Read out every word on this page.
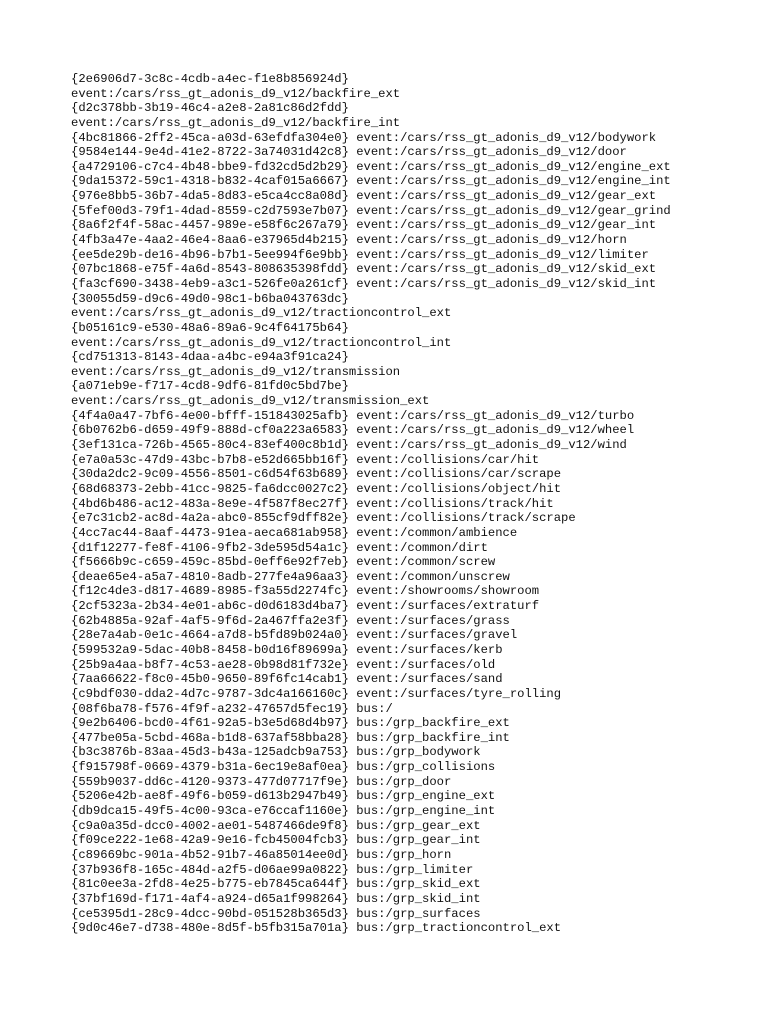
{2e6906d7-3c8c-4cdb-a4ec-f1e8b856924d}
event:/cars/rss_gt_adonis_d9_v12/backfire_ext
{d2c378bb-3b19-46c4-a2e8-2a81c86d2fdd}
event:/cars/rss_gt_adonis_d9_v12/backfire_int
{4bc81866-2ff2-45ca-a03d-63efdfa304e0} event:/cars/rss_gt_adonis_d9_v12/bodywork
{9584e144-9e4d-41e2-8722-3a74031d42c8} event:/cars/rss_gt_adonis_d9_v12/door
{a4729106-c7c4-4b48-bbe9-fd32cd5d2b29} event:/cars/rss_gt_adonis_d9_v12/engine_ext
{9da15372-59c1-4318-b832-4caf015a6667} event:/cars/rss_gt_adonis_d9_v12/engine_int
{976e8bb5-36b7-4da5-8d83-e5ca4cc8a08d} event:/cars/rss_gt_adonis_d9_v12/gear_ext
{5fef00d3-79f1-4dad-8559-c2d7593e7b07} event:/cars/rss_gt_adonis_d9_v12/gear_grind
{8a6f2f4f-58ac-4457-989e-e58f6c267a79} event:/cars/rss_gt_adonis_d9_v12/gear_int
{4fb3a47e-4aa2-46e4-8aa6-e37965d4b215} event:/cars/rss_gt_adonis_d9_v12/horn
{ee5de29b-de16-4b96-b7b1-5ee994f6e9bb} event:/cars/rss_gt_adonis_d9_v12/limiter
{07bc1868-e75f-4a6d-8543-808635398fdd} event:/cars/rss_gt_adonis_d9_v12/skid_ext
{fa3cf690-3438-4eb9-a3c1-526fe0a261cf} event:/cars/rss_gt_adonis_d9_v12/skid_int
{30055d59-d9c6-49d0-98c1-b6ba043763dc}
event:/cars/rss_gt_adonis_d9_v12/tractioncontrol_ext
{b05161c9-e530-48a6-89a6-9c4f64175b64}
event:/cars/rss_gt_adonis_d9_v12/tractioncontrol_int
{cd751313-8143-4daa-a4bc-e94a3f91ca24}
event:/cars/rss_gt_adonis_d9_v12/transmission
{a071eb9e-f717-4cd8-9df6-81fd0c5bd7be}
event:/cars/rss_gt_adonis_d9_v12/transmission_ext
{4f4a0a47-7bf6-4e00-bfff-151843025afb} event:/cars/rss_gt_adonis_d9_v12/turbo
{6b0762b6-d659-49f9-888d-cf0a223a6583} event:/cars/rss_gt_adonis_d9_v12/wheel
{3ef131ca-726b-4565-80c4-83ef400c8b1d} event:/cars/rss_gt_adonis_d9_v12/wind
{e7a0a53c-47d9-43bc-b7b8-e52d665bb16f} event:/collisions/car/hit
{30da2dc2-9c09-4556-8501-c6d54f63b689} event:/collisions/car/scrape
{68d68373-2ebb-41cc-9825-fa6dcc0027c2} event:/collisions/object/hit
{4bd6b486-ac12-483a-8e9e-4f587f8ec27f} event:/collisions/track/hit
{e7c31cb2-ac8d-4a2a-abc0-855cf9dff82e} event:/collisions/track/scrape
{4cc7ac44-8aaf-4473-91ea-aeca681ab958} event:/common/ambience
{d1f12277-fe8f-4106-9fb2-3de595d54a1c} event:/common/dirt
{f5666b9c-c659-459c-85bd-0eff6e92f7eb} event:/common/screw
{deae65e4-a5a7-4810-8adb-277fe4a96aa3} event:/common/unscrew
{f12c4de3-d817-4689-8985-f3a55d2274fc} event:/showrooms/showroom
{2cf5323a-2b34-4e01-ab6c-d0d6183d4ba7} event:/surfaces/extraturf
{62b4885a-92af-4af5-9f6d-2a467ffa2e3f} event:/surfaces/grass
{28e7a4ab-0e1c-4664-a7d8-b5fd89b024a0} event:/surfaces/gravel
{599532a9-5dac-40b8-8458-b0d16f89699a} event:/surfaces/kerb
{25b9a4aa-b8f7-4c53-ae28-0b98d81f732e} event:/surfaces/old
{7aa66622-f8c0-45b0-9650-89f6fc14cab1} event:/surfaces/sand
{c9bdf030-dda2-4d7c-9787-3dc4a166160c} event:/surfaces/tyre_rolling
{08f6ba78-f576-4f9f-a232-47657d5fec19} bus:/
{9e2b6406-bcd0-4f61-92a5-b3e5d68d4b97} bus:/grp_backfire_ext
{477be05a-5cbd-468a-b1d8-637af58bba28} bus:/grp_backfire_int
{b3c3876b-83aa-45d3-b43a-125adcb9a753} bus:/grp_bodywork
{f915798f-0669-4379-b31a-6ec19e8af0ea} bus:/grp_collisions
{559b9037-dd6c-4120-9373-477d07717f9e} bus:/grp_door
{5206e42b-ae8f-49f6-b059-d613b2947b49} bus:/grp_engine_ext
{db9dca15-49f5-4c00-93ca-e76ccaf1160e} bus:/grp_engine_int
{c9a0a35d-dcc0-4002-ae01-5487466de9f8} bus:/grp_gear_ext
{f09ce222-1e68-42a9-9e16-fcb45004fcb3} bus:/grp_gear_int
{c89669bc-901a-4b52-91b7-46a85014ee0d} bus:/grp_horn
{37b936f8-165c-484d-a2f5-d06ae99a0822} bus:/grp_limiter
{81c0ee3a-2fd8-4e25-b775-eb7845ca644f} bus:/grp_skid_ext
{37bf169d-f171-4af4-a924-d65a1f998264} bus:/grp_skid_int
{ce5395d1-28c9-4dcc-90bd-051528b365d3} bus:/grp_surfaces
{9d0c46e7-d738-480e-8d5f-b5fb315a701a} bus:/grp_tractioncontrol_ext
